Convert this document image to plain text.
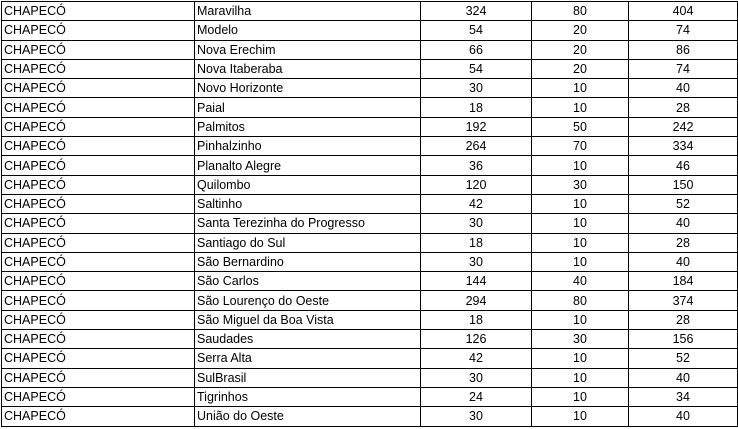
CHAPECÓ	Maravilha	324	80	404
CHAPECÓ	Modelo	54	20	74
CHAPECÓ	Nova Erechim	66	20	86
CHAPECÓ	Nova Itaberaba	54	20	74
CHAPECÓ	Novo Horizonte	30	10	40
CHAPECÓ	Paial	18	10	28
CHAPECÓ	Palmitos	192	50	242
CHAPECÓ	Pinhalzinho	264	70	334
CHAPECÓ	Planalto Alegre	36	10	46
CHAPECÓ	Quilombo	120	30	150
CHAPECÓ	Saltinho	42	10	52
CHAPECÓ	Santa Terezinha do Progresso	30	10	40
CHAPECÓ	Santiago do Sul	18	10	28
CHAPECÓ	São Bernardino	30	10	40
CHAPECÓ	São Carlos	144	40	184
CHAPECÓ	São Lourenço do Oeste	294	80	374
CHAPECÓ	São Miguel da Boa Vista	18	10	28
CHAPECÓ	Saudades	126	30	156
CHAPECÓ	Serra Alta	42	10	52
CHAPECÓ	SulBrasil	30	10	40
CHAPECÓ	Tigrinhos	24	10	34
CHAPECÓ	União do Oeste	30	10	40
